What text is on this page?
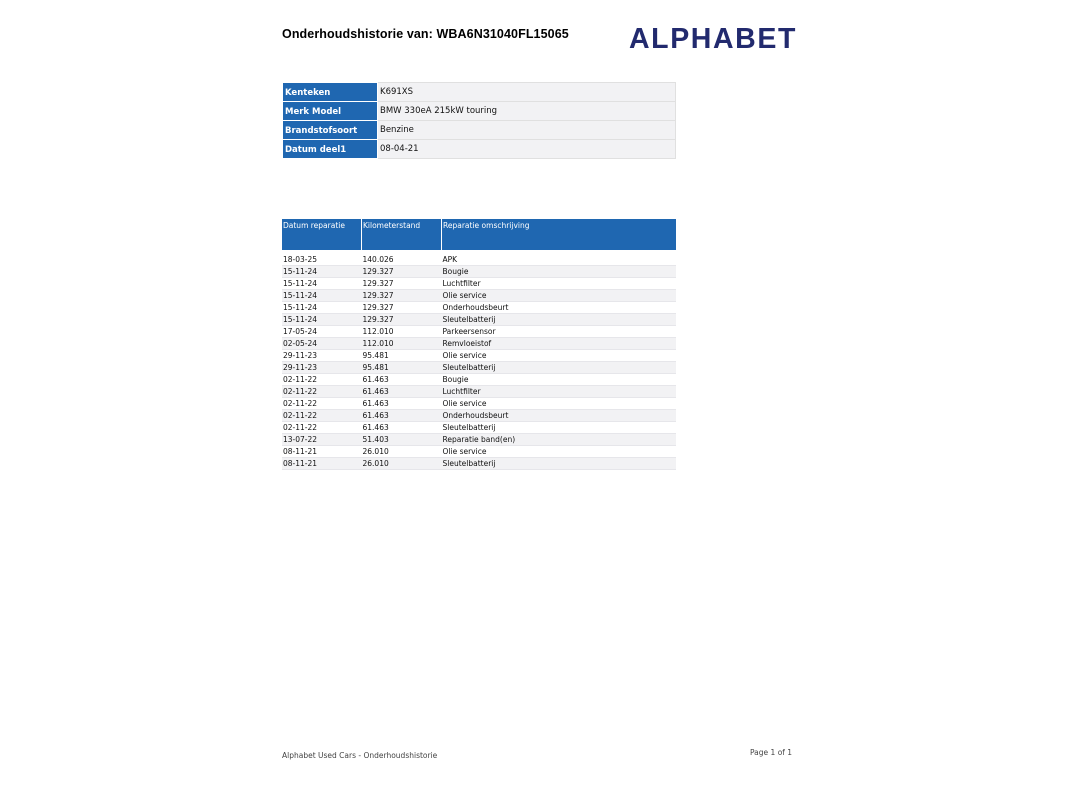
Onderhoudshistorie van: WBA6N31040FL15065 ALPHABET
Kenteken	K691XS
Merk Model	BMW 330eA 215kW touring
Brandstofsoort	Benzine
Datum deel1	08-04-21
Datum reparatie	Kilometerstand	Reparatie omschrijving

18-03-25	140.026	APK
15-11-24	129.327	Bougie
15-11-24	129.327	Luchtfilter
15-11-24	129.327	Olie service
15-11-24	129.327	Onderhoudsbeurt
15-11-24	129.327	Sleutelbatterij
17-05-24	112.010	Parkeersensor
02-05-24	112.010	Remvloeistof
29-11-23	95.481	Olie service
29-11-23	95.481	Sleutelbatterij
02-11-22	61.463	Bougie
02-11-22	61.463	Luchtfilter
02-11-22	61.463	Olie service
02-11-22	61.463	Onderhoudsbeurt
02-11-22	61.463	Sleutelbatterij
13-07-22	51.403	Reparatie band(en)
08-11-21	26.010	Olie service
08-11-21	26.010	Sleutelbatterij
Alphabet Used Cars - Onderhoudshistorie	Page 1 of 1
